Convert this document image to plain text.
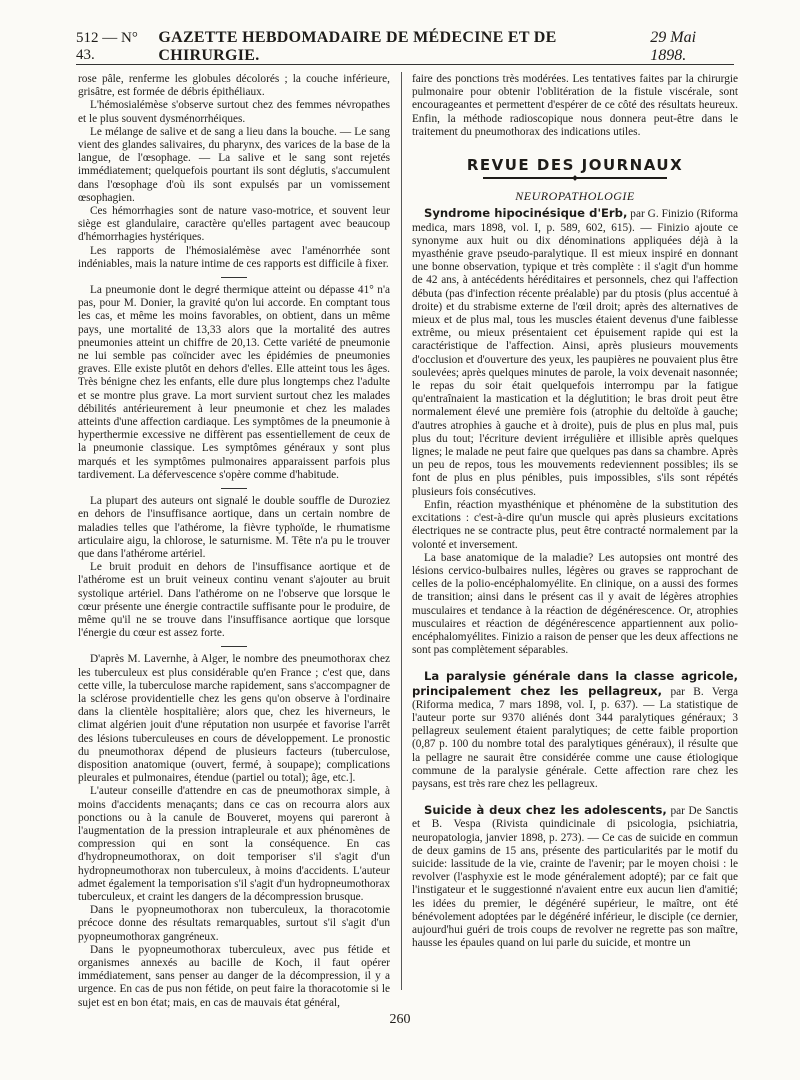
512 — N° 43.
GAZETTE HEBDOMADAIRE DE MÉDECINE ET DE CHIRURGIE.
29 Mai 1898.

rose pâle, renferme les globules décolorés ; la couche inférieure, grisâtre, est formée de débris épithéliaux.

L'hémosialémèse s'observe surtout chez des femmes névropathes et le plus souvent dysménorrhéiques.

Le mélange de salive et de sang a lieu dans la bouche. — Le sang vient des glandes salivaires, du pharynx, des varices de la base de la langue, de l'œsophage. — La salive et le sang sont rejetés immédiatement; quelquefois pourtant ils sont déglutis, s'accumulent dans l'œsophage d'où ils sont expulsés par un vomissement œsophagien.

Ces hémorrhagies sont de nature vaso-motrice, et souvent leur siège est glandulaire, caractère qu'elles partagent avec beaucoup d'hémorrhagies hystériques.

Les rapports de l'hémosialémèse avec l'aménorrhée sont indéniables, mais la nature intime de ces rapports est difficile à fixer.

La pneumonie dont le degré thermique atteint ou dépasse 41° n'a pas, pour M. Donier, la gravité qu'on lui accorde. En comptant tous les cas, et même les moins favorables, on obtient, dans un même pays, une mortalité de 13,33 alors que la mortalité des autres pneumonies atteint un chiffre de 20,13. Cette variété de pneumonie ne lui semble pas coïncider avec les épidémies de pneumonies graves. Elle existe plutôt en dehors d'elles. Elle atteint tous les âges. Très bénigne chez les enfants, elle dure plus longtemps chez l'adulte et se montre plus grave. La mort survient surtout chez les malades débilités antérieurement à leur pneumonie et chez les malades atteints d'une affection cardiaque. Les symptômes de la pneumonie à hyperthermie excessive ne diffèrent pas essentiellement de ceux de la pneumonie classique. Les symptômes généraux y sont plus marqués et les symptômes pulmonaires apparaissent parfois plus tardivement. La défervescence s'opère comme d'habitude.

La plupart des auteurs ont signalé le double souffle de Duroziez en dehors de l'insuffisance aortique, dans un certain nombre de maladies telles que l'athérome, la fièvre typhoïde, le rhumatisme articulaire aigu, la chlorose, le saturnisme. M. Tête n'a pu le trouver que dans l'athérome artériel.

Le bruit produit en dehors de l'insuffisance aortique et de l'athérome est un bruit veineux continu venant s'ajouter au bruit systolique artériel. Dans l'athérome on ne l'observe que lorsque le cœur présente une énergie contractile suffisante pour le produire, de même qu'il ne se trouve dans l'insuffisance aortique que lorsque l'énergie du cœur est assez forte.

D'après M. Lavernhe, à Alger, le nombre des pneumothorax chez les tuberculeux est plus considérable qu'en France ; c'est que, dans cette ville, la tuberculose marche rapidement, sans s'accompagner de la sclérose providentielle chez les gens qu'on observe à l'ordinaire dans la clientèle hospitalière; alors que, chez les hiverneurs, le climat algérien jouit d'une réputation non usurpée et favorise l'arrêt des lésions tuberculeuses en cours de développement. Le pronostic du pneumothorax dépend de plusieurs facteurs (tuberculose, disposition anatomique (ouvert, fermé, à soupape); complications pleurales et pulmonaires, étendue (partiel ou total); âge, etc.].

L'auteur conseille d'attendre en cas de pneumothorax simple, à moins d'accidents menaçants; dans ce cas on recourra alors aux ponctions ou à la canule de Bouveret, moyens qui pareront à l'augmentation de la pression intrapleurale et aux phénomènes de compression qui en sont la conséquence. En cas d'hydropneumothorax, on doit temporiser s'il s'agit d'un hydropneumothorax non tuberculeux, à moins d'accidents. L'auteur admet également la temporisation s'il s'agit d'un hydropneumothorax tuberculeux, et craint les dangers de la décompression brusque.

Dans le pyopneumothorax non tuberculeux, la thoracotomie précoce donne des résultats remarquables, surtout s'il s'agit d'un pyopneumothorax gangréneux.

Dans le pyopneumothorax tuberculeux, avec pus fétide et organismes annexés au bacille de Koch, il faut opérer immédiatement, sans penser au danger de la décompression, il y a urgence. En cas de pus non fétide, on peut faire la thoracotomie si le sujet est en bon état; mais, en cas de mauvais état général,

faire des ponctions très modérées. Les tentatives faites par la chirurgie pulmonaire pour obtenir l'oblitération de la fistule viscérale, sont encourageantes et permettent d'espérer de ce côté des résultats heureux. Enfin, la méthode radioscopique nous donnera peut-être dans le traitement du pneumothorax des indications utiles.

REVUE DES JOURNAUX
NEUROPATHOLOGIE

Syndrome hipocinésique d'Erb, par G. Finizio (Riforma medica, mars 1898, vol. I, p. 589, 602, 615). — Finizio ajoute ce synonyme aux huit ou dix dénominations appliquées déjà à la myasthénie grave pseudo-paralytique. Il est mieux inspiré en donnant une bonne observation, typique et très complète : il s'agit d'un homme de 42 ans, à antécédents héréditaires et personnels, chez qui l'affection débuta (pas d'infection récente préalable) par du ptosis (plus accentué à droite) et du strabisme externe de l'œil droit; après des alternatives de mieux et de plus mal, tous les muscles étaient devenus d'une faiblesse extrême, ou mieux présentaient cet épuisement rapide qui est la caractéristique de l'affection. Ainsi, après plusieurs mouvements d'occlusion et d'ouverture des yeux, les paupières ne pouvaient plus être soulevées; après quelques minutes de parole, la voix devenait nasonnée; le repas du soir était quelquefois interrompu par la fatigue qu'entraînaient la mastication et la déglutition; le bras droit peut être normalement élevé une première fois (atrophie du deltoïde à gauche; d'autres atrophies à gauche et à droite), puis de plus en plus mal, puis plus du tout; l'écriture devient irrégulière et illisible après quelques lignes; le malade ne peut faire que quelques pas dans sa chambre. Après un peu de repos, tous les mouvements redeviennent possibles; ils se font de plus en plus pénibles, puis impossibles, s'ils sont répétés plusieurs fois consécutives.

Enfin, réaction myasthénique et phénomène de la substitution des excitations : c'est-à-dire qu'un muscle qui après plusieurs excitations électriques ne se contracte plus, peut être contracté normalement par la volonté et inversement.

La base anatomique de la maladie? Les autopsies ont montré des lésions cervico-bulbaires nulles, légères ou graves se rapprochant de celles de la polio-encéphalomyélite. En clinique, on a aussi des formes de transition; ainsi dans le présent cas il y avait de légères atrophies musculaires et tendance à la réaction de dégénérescence. Or, atrophies musculaires et réaction de dégénérescence appartiennent aux polio-encéphalomyélites. Finizio a raison de penser que les deux affections ne sont pas complètement séparables.

La paralysie générale dans la classe agricole, principalement chez les pellagreux, par B. Verga (Riforma medica, 7 mars 1898, vol. I, p. 637). — La statistique de l'auteur porte sur 9370 aliénés dont 344 paralytiques généraux; 3 pellagreux seulement étaient paralytiques; de cette faible proportion (0,87 p. 100 du nombre total des paralytiques généraux), il résulte que la pellagre ne saurait être considérée comme une cause étiologique commune de la paralysie générale. Cette affection rare chez les paysans, est très rare chez les pellagreux.

Suicide à deux chez les adolescents, par De Sanctis et B. Vespa (Rivista quindicinale di psicologia, psichiatria, neuropatologia, janvier 1898, p. 273). — Ce cas de suicide en commun de deux gamins de 15 ans, présente des particularités par le motif du suicide: lassitude de la vie, crainte de l'avenir; par le moyen choisi : le revolver (l'asphyxie est le mode généralement adopté); par ce fait que l'instigateur et le suggestionné n'avaient entre eux aucun lien d'amitié; les idées du premier, le dégénéré supérieur, le maître, ont été bénévolement adoptées par le dégénéré inférieur, le disciple (ce dernier, aujourd'hui guéri de trois coups de revolver ne regrette pas son maître, hausse les épaules quand on lui parle du suicide, et montre un

260
